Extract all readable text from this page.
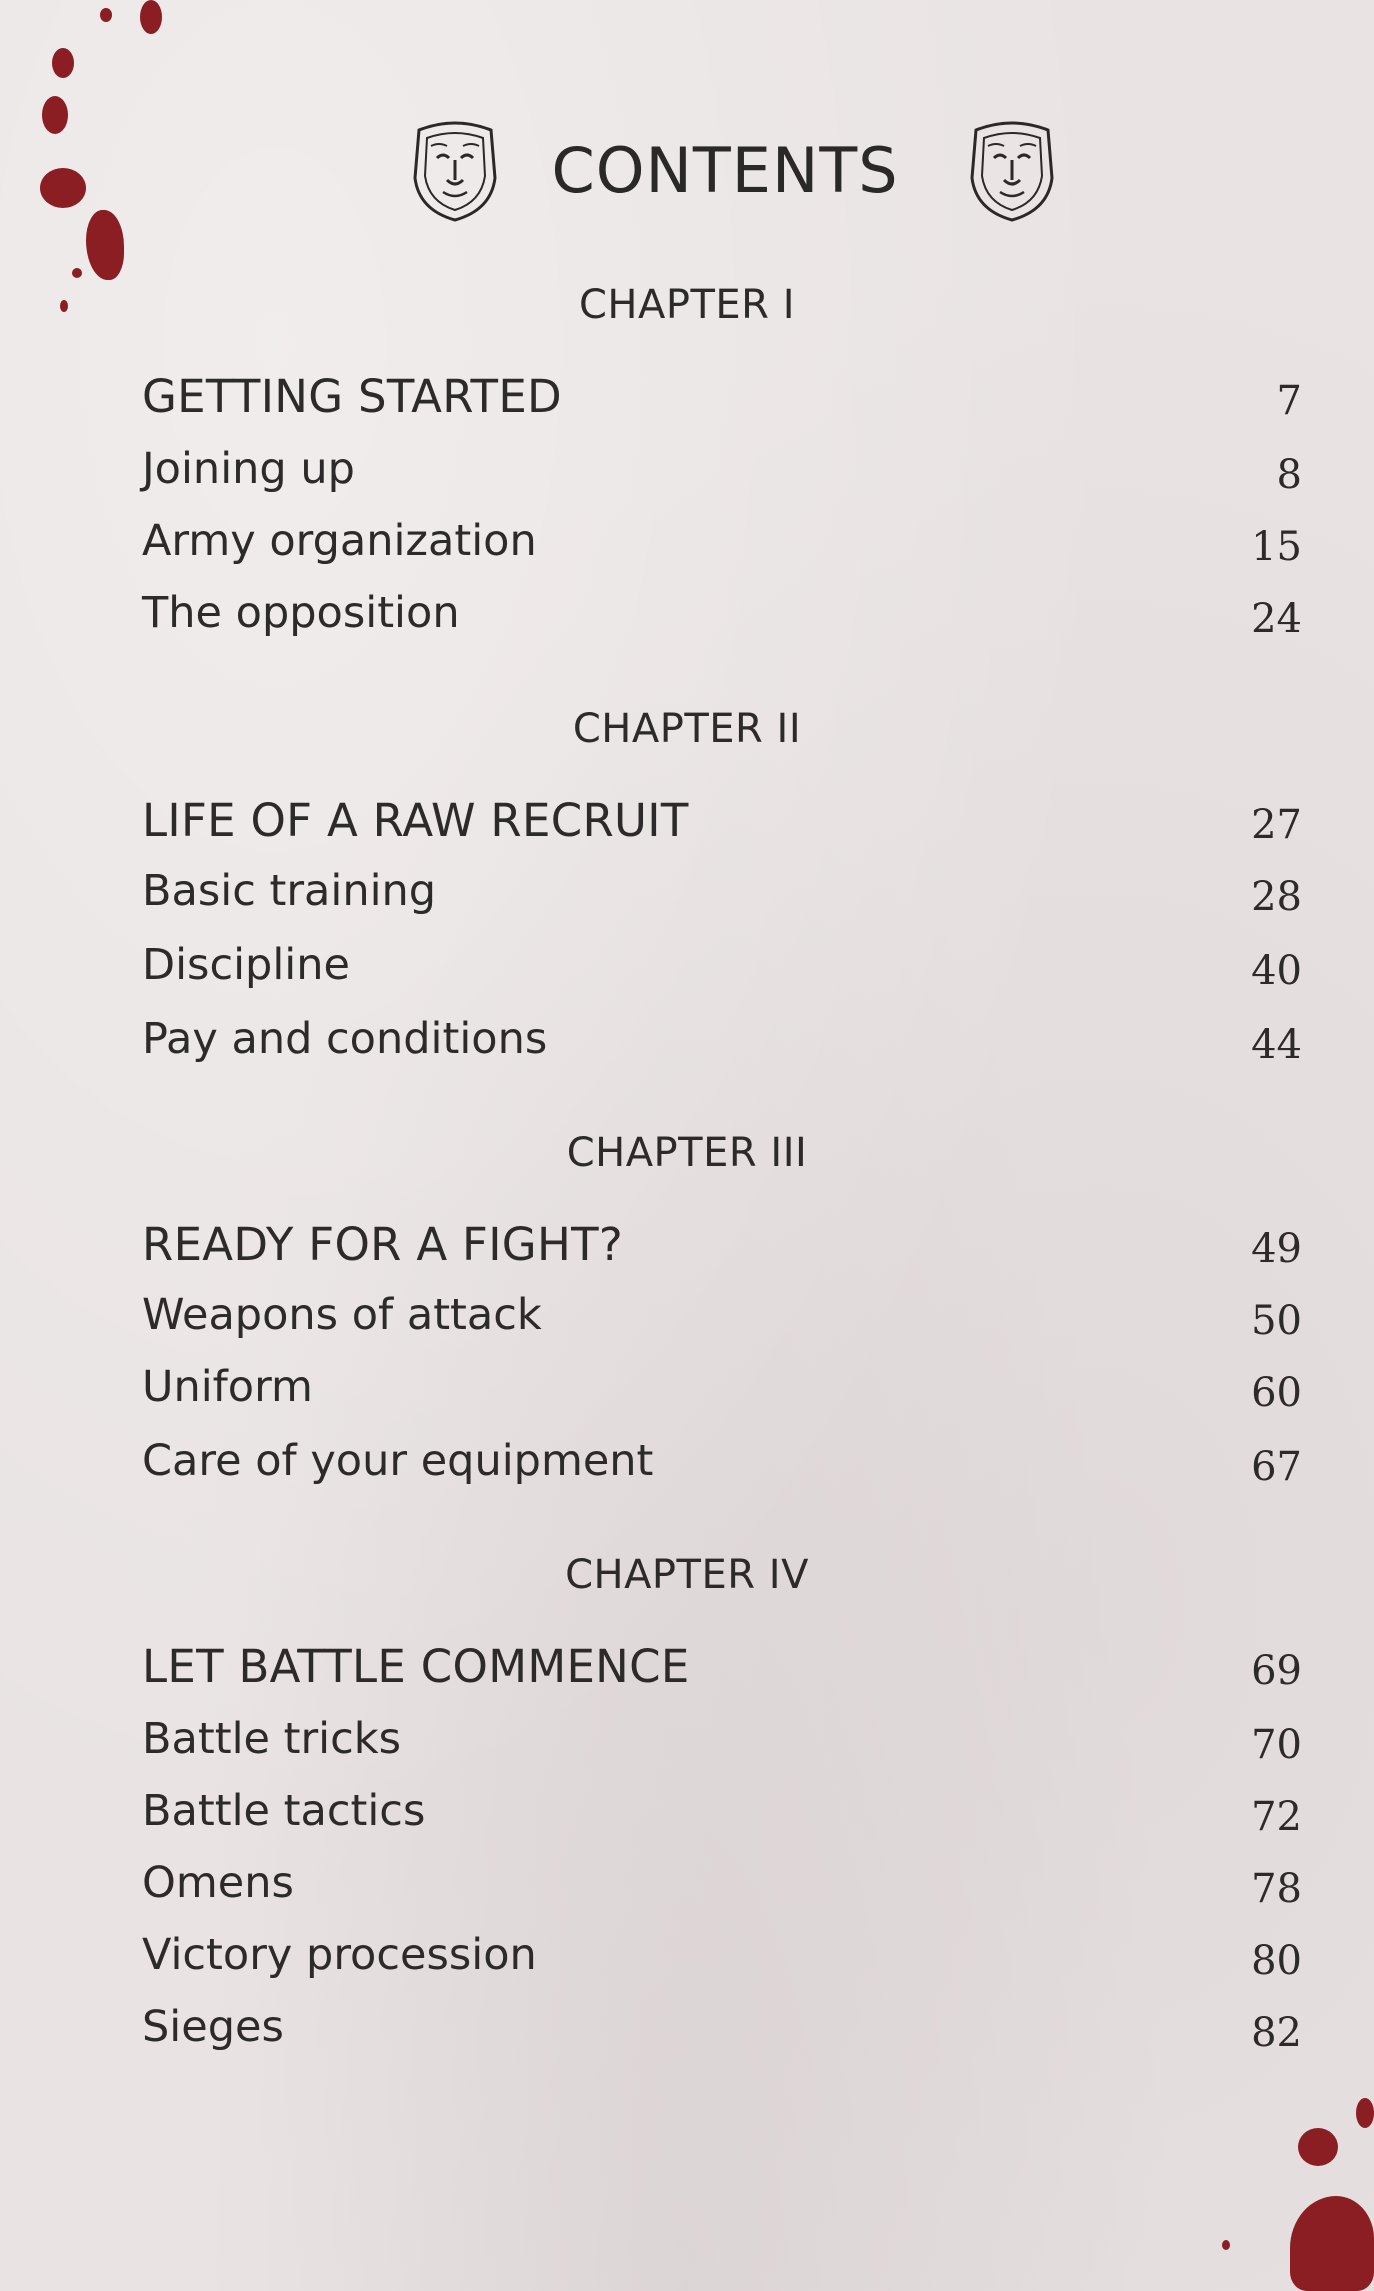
CONTENTS
CHAPTER I
GETTING STARTED	7
Joining up	8
Army organization	15
The opposition	24
CHAPTER II
LIFE OF A RAW RECRUIT	27
Basic training	28
Discipline	40
Pay and conditions	44
CHAPTER III
READY FOR A FIGHT?	49
Weapons of attack	50
Uniform	60
Care of your equipment	67
CHAPTER IV
LET BATTLE COMMENCE	69
Battle tricks	70
Battle tactics	72
Omens	78
Victory procession	80
Sieges	82
